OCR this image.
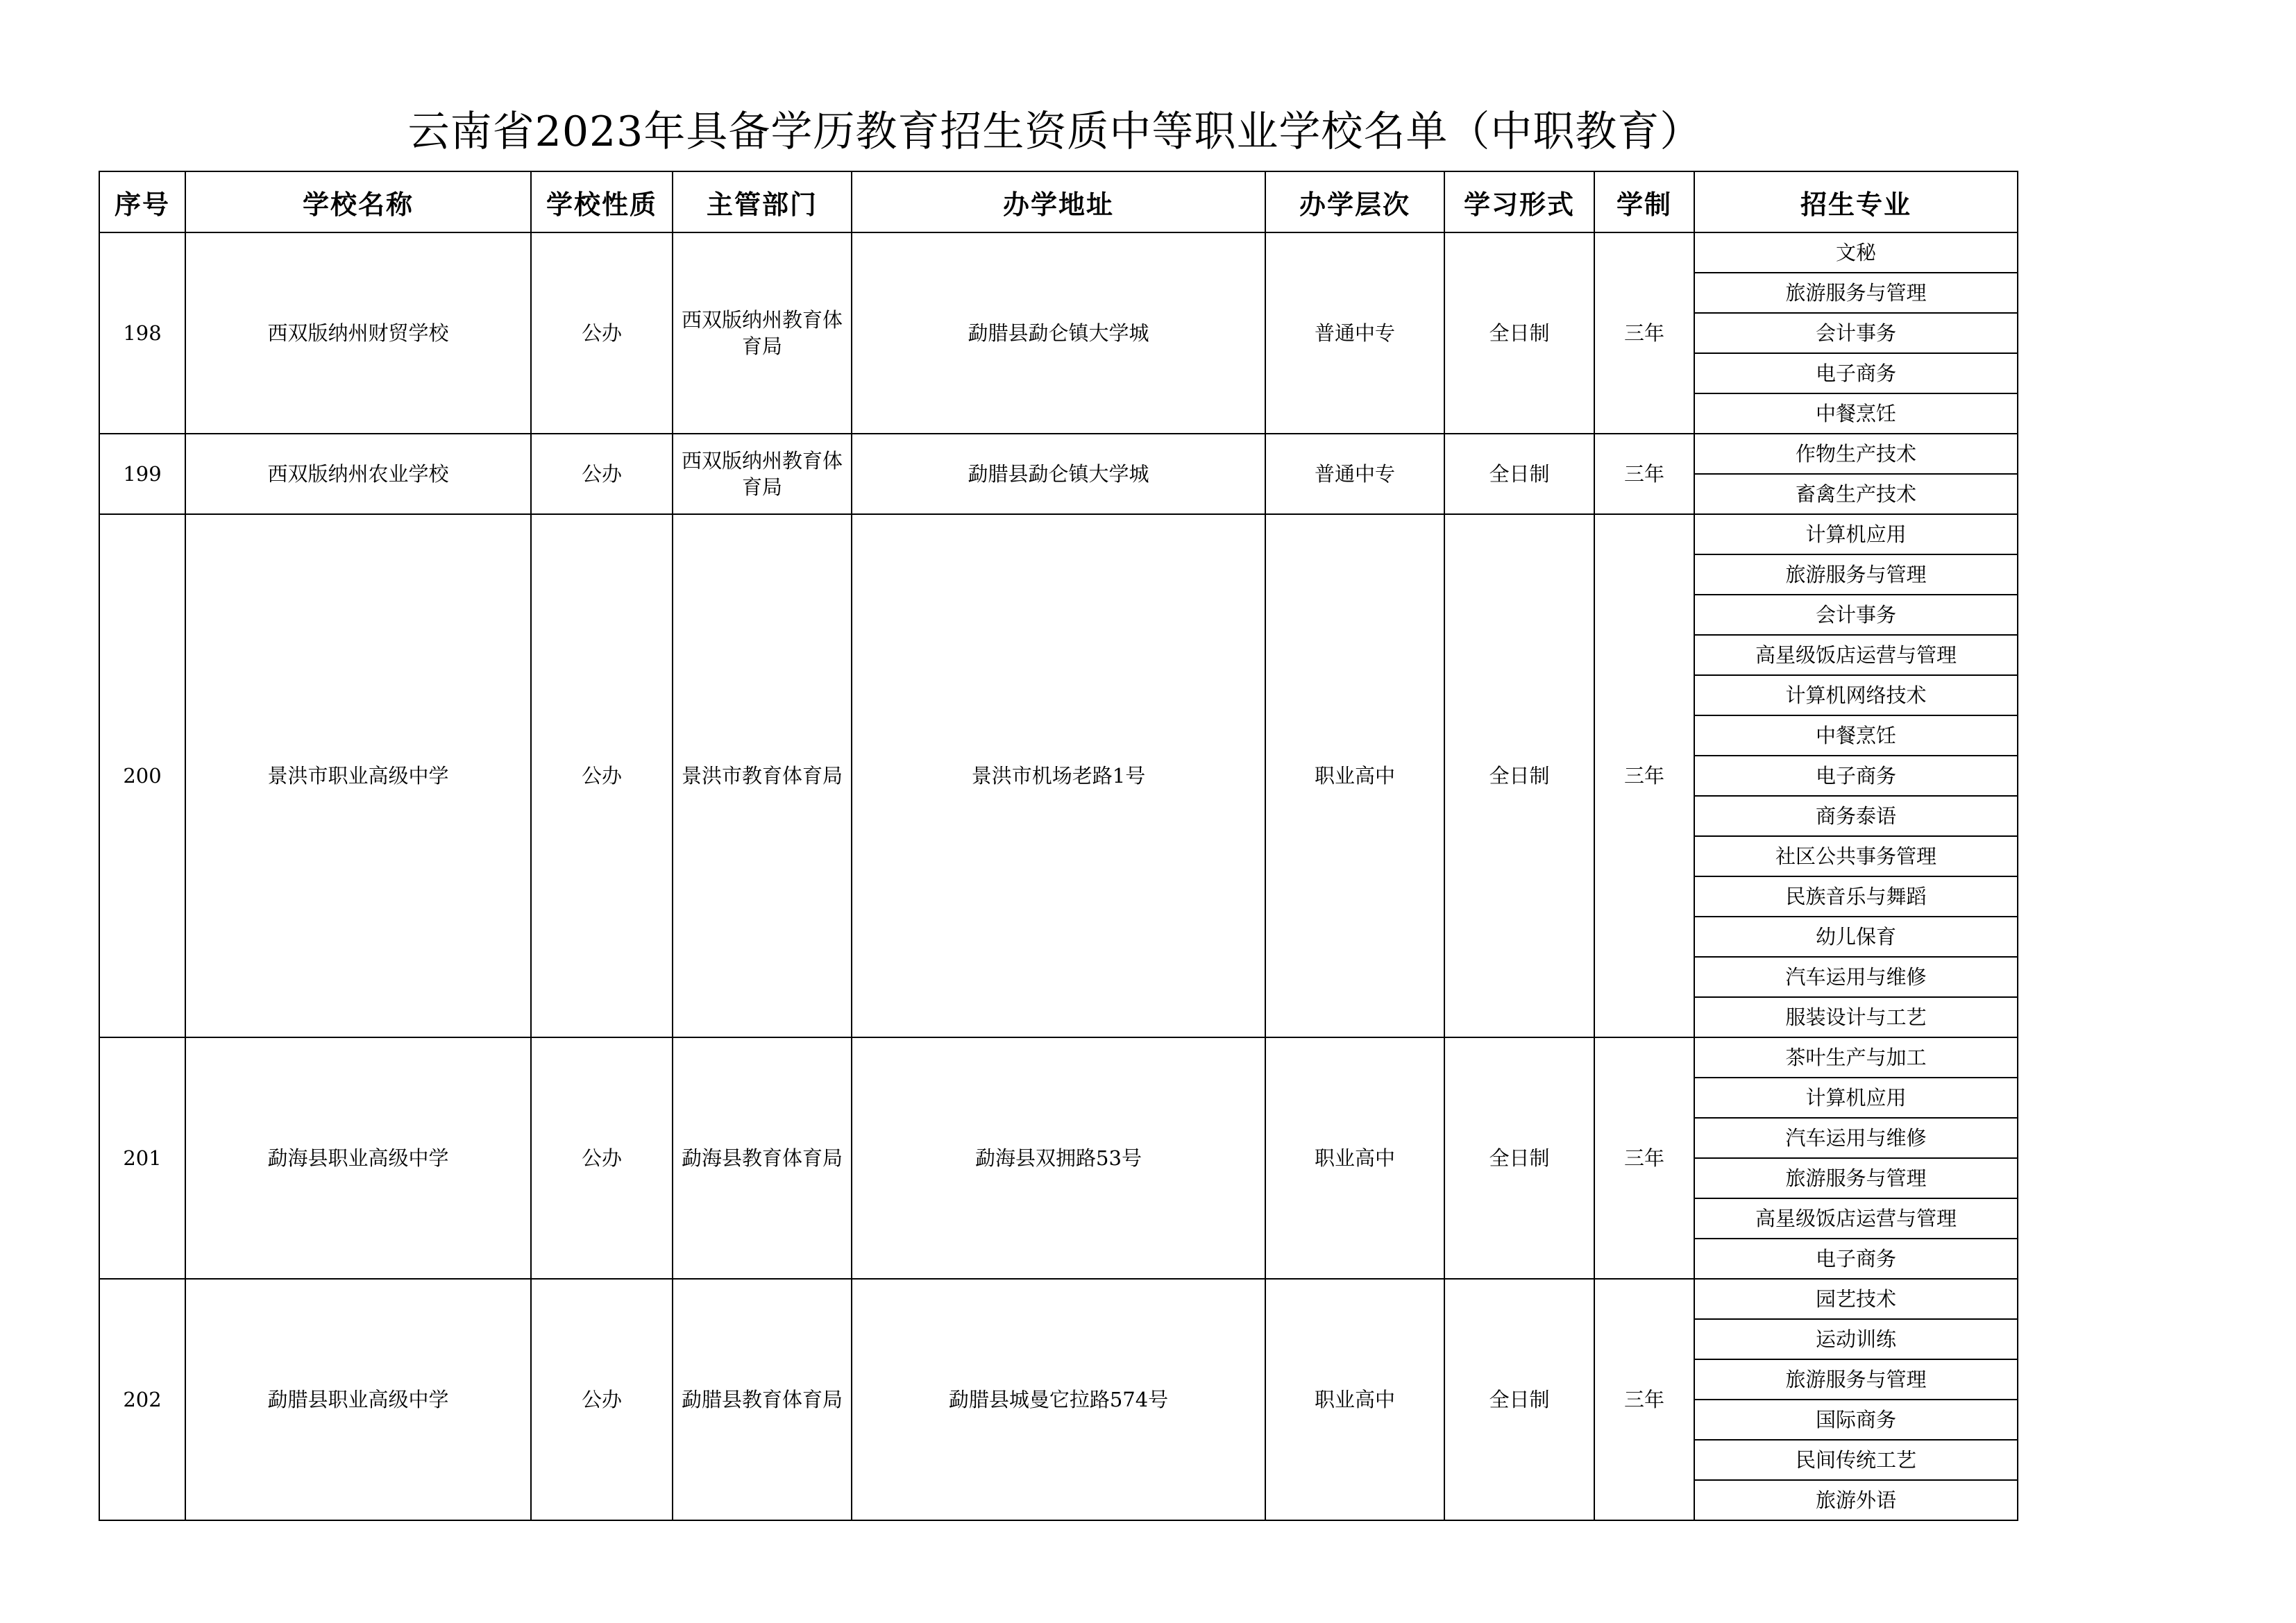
云南省2023年具备学历教育招生资质中等职业学校名单（中职教育）
序号	学校名称	学校性质	主管部门	办学地址	办学层次	学习形式	学制	招生专业
198	西双版纳州财贸学校	公办	西双版纳州教育体育局	勐腊县勐仑镇大学城	普通中专	全日制	三年	文秘
								旅游服务与管理
								会计事务
								电子商务
								中餐烹饪
199	西双版纳州农业学校	公办	西双版纳州教育体育局	勐腊县勐仑镇大学城	普通中专	全日制	三年	作物生产技术
								畜禽生产技术
200	景洪市职业高级中学	公办	景洪市教育体育局	景洪市机场老路1号	职业高中	全日制	三年	计算机应用
								旅游服务与管理
								会计事务
								高星级饭店运营与管理
								计算机网络技术
								中餐烹饪
								电子商务
								商务泰语
								社区公共事务管理
								民族音乐与舞蹈
								幼儿保育
								汽车运用与维修
								服装设计与工艺
201	勐海县职业高级中学	公办	勐海县教育体育局	勐海县双拥路53号	职业高中	全日制	三年	茶叶生产与加工
								计算机应用
								汽车运用与维修
								旅游服务与管理
								高星级饭店运营与管理
								电子商务
202	勐腊县职业高级中学	公办	勐腊县教育体育局	勐腊县城曼它拉路574号	职业高中	全日制	三年	园艺技术
								运动训练
								旅游服务与管理
								国际商务
								民间传统工艺
								旅游外语
